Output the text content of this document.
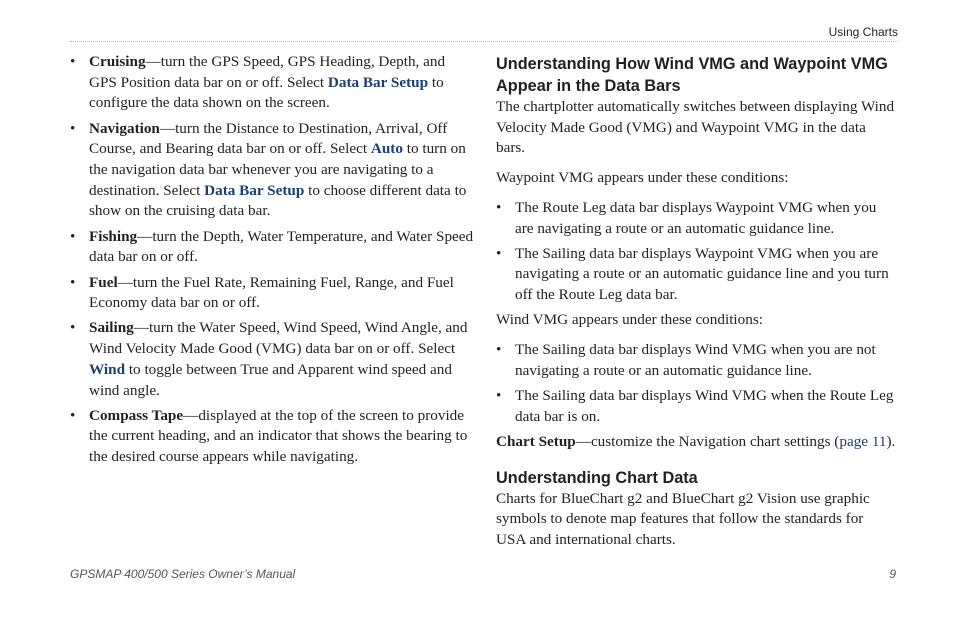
Using Charts
• Cruising—turn the GPS Speed, GPS Heading, Depth, and GPS Position data bar on or off. Select Data Bar Setup to configure the data shown on the screen.
• Navigation—turn the Distance to Destination, Arrival, Off Course, and Bearing data bar on or off. Select Auto to turn on the navigation data bar whenever you are navigating to a destination. Select Data Bar Setup to choose different data to show on the cruising data bar.
• Fishing—turn the Depth, Water Temperature, and Water Speed data bar on or off.
• Fuel—turn the Fuel Rate, Remaining Fuel, Range, and Fuel Economy data bar on or off.
• Sailing—turn the Water Speed, Wind Speed, Wind Angle, and Wind Velocity Made Good (VMG) data bar on or off. Select Wind to toggle between True and Apparent wind speed and wind angle.
• Compass Tape—displayed at the top of the screen to provide the current heading, and an indicator that shows the bearing to the desired course appears while navigating.
Understanding How Wind VMG and Waypoint VMG Appear in the Data Bars

The chartplotter automatically switches between displaying Wind Velocity Made Good (VMG) and Waypoint VMG in the data bars.

Waypoint VMG appears under these conditions:

• The Route Leg data bar displays Waypoint VMG when you are navigating a route or an automatic guidance line.
• The Sailing data bar displays Waypoint VMG when you are navigating a route or an automatic guidance line and you turn off the Route Leg data bar.

Wind VMG appears under these conditions:

• The Sailing data bar displays Wind VMG when you are not navigating a route or an automatic guidance line.
• The Sailing data bar displays Wind VMG when the Route Leg data bar is on.

Chart Setup—customize the Navigation chart settings (page 11).

Understanding Chart Data

Charts for BlueChart g2 and BlueChart g2 Vision use graphic symbols to denote map features that follow the standards for USA and international charts.

GPSMAP 400/500 Series Owner’s Manual	9
